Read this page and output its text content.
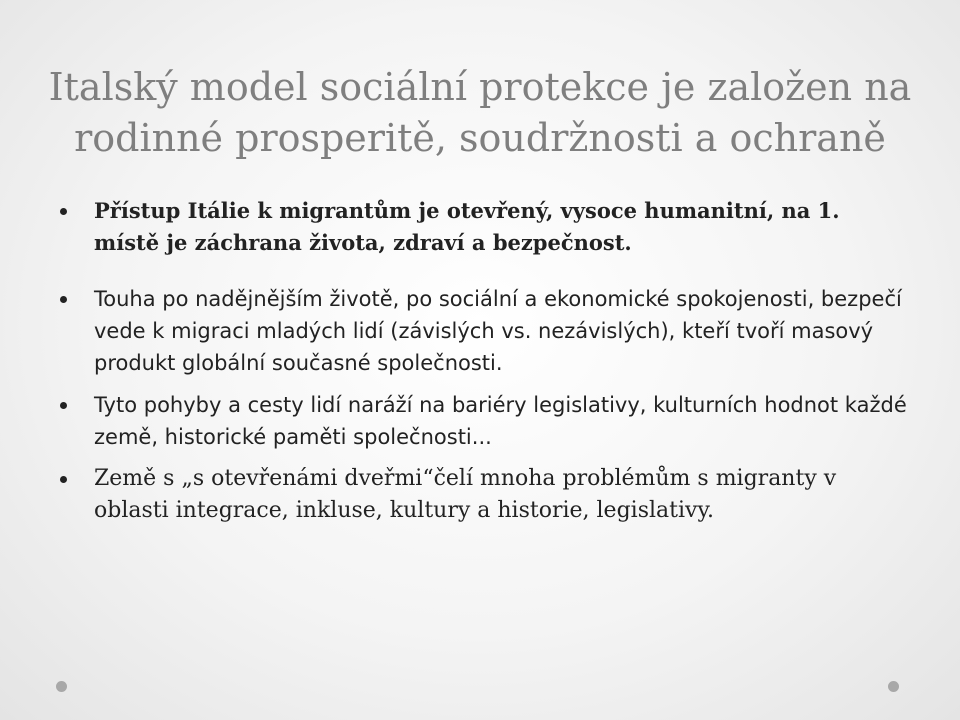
Italský model sociální protekce je založen na rodinné prosperitě, soudržnosti a ochraně
Přístup Itálie k migrantům je otevřený, vysoce humanitní, na 1. místě je záchrana života, zdraví a bezpečnost.
Touha po nadějnějším životě, po sociální a ekonomické spokojenosti, bezpečí vede k migraci mladých lidí (závislých vs. nezávislých), kteří tvoří masový produkt globální současné společnosti.
Tyto pohyby a cesty lidí naráží na bariéry legislativy, kulturních hodnot každé země, historické paměti společnosti...
Země s „s otevřenámi dveřmi“čelí mnoha problémům s migranty v oblasti integrace, inkluse, kultury a historie, legislativy.
